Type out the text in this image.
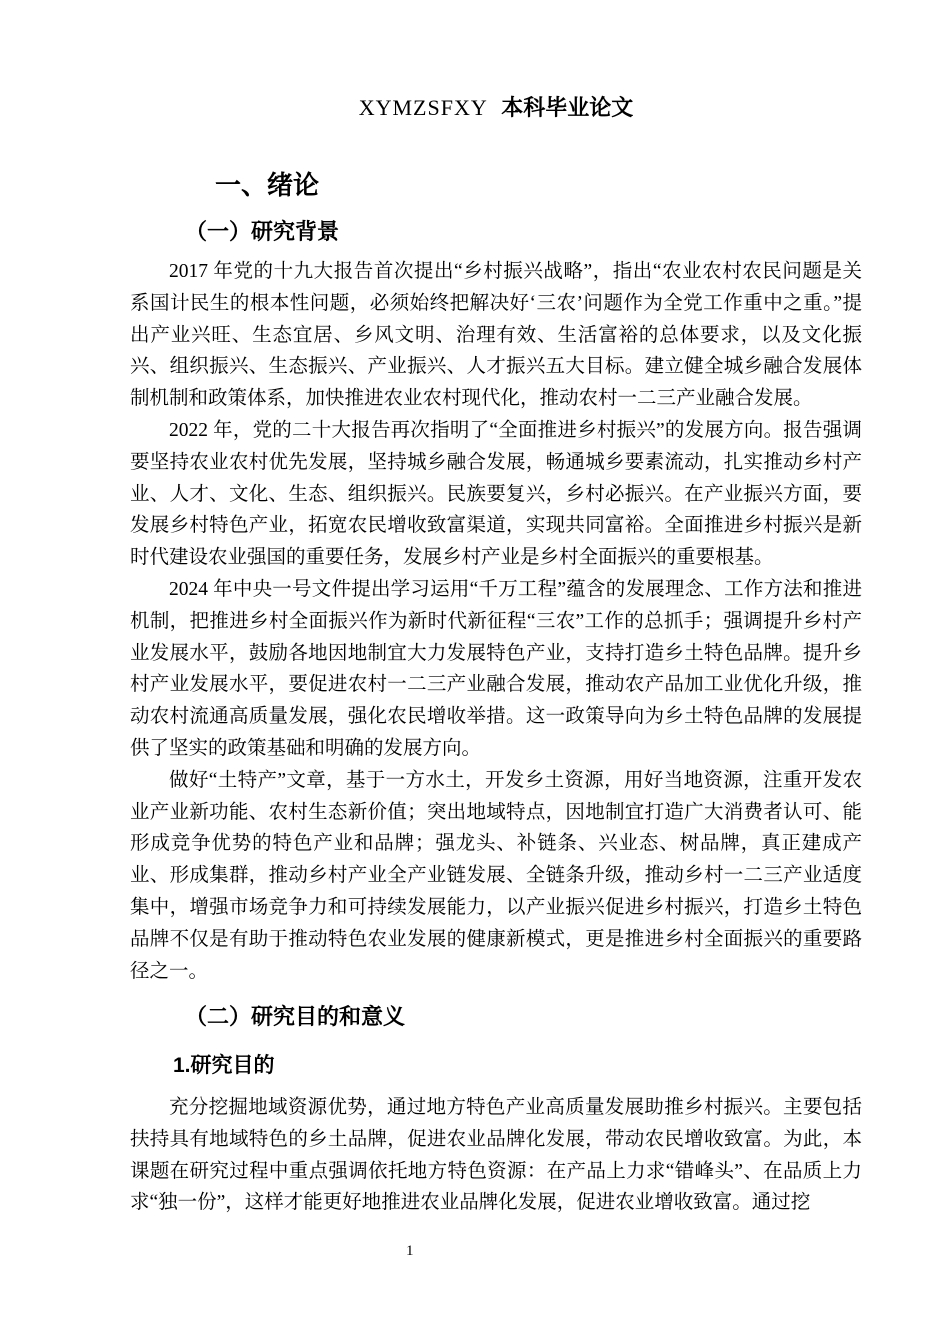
XYMZSFXY 本科毕业论文
一、绪论
（一）研究背景

2017 年党的十九大报告首次提出“乡村振兴战略”，指出“农业农村农民问题是关系国计民生的根本性问题，必须始终把解决好‘三农’问题作为全党工作重中之重。”提出产业兴旺、生态宜居、乡风文明、治理有效、生活富裕的总体要求，以及文化振兴、组织振兴、生态振兴、产业振兴、人才振兴五大目标。建立健全城乡融合发展体制机制和政策体系，加快推进农业农村现代化，推动农村一二三产业融合发展。

2022 年，党的二十大报告再次指明了“全面推进乡村振兴”的发展方向。报告强调要坚持农业农村优先发展，坚持城乡融合发展，畅通城乡要素流动，扎实推动乡村产业、人才、文化、生态、组织振兴。民族要复兴，乡村必振兴。在产业振兴方面，要发展乡村特色产业，拓宽农民增收致富渠道，实现共同富裕。全面推进乡村振兴是新时代建设农业强国的重要任务，发展乡村产业是乡村全面振兴的重要根基。

2024 年中央一号文件提出学习运用“千万工程”蕴含的发展理念、工作方法和推进机制，把推进乡村全面振兴作为新时代新征程“三农”工作的总抓手；强调提升乡村产业发展水平，鼓励各地因地制宜大力发展特色产业，支持打造乡土特色品牌。提升乡村产业发展水平，要促进农村一二三产业融合发展，推动农产品加工业优化升级，推动农村流通高质量发展，强化农民增收举措。这一政策导向为乡土特色品牌的发展提供了坚实的政策基础和明确的发展方向。

做好“土特产”文章，基于一方水土，开发乡土资源，用好当地资源，注重开发农业产业新功能、农村生态新价值；突出地域特点，因地制宜打造广大消费者认可、能形成竞争优势的特色产业和品牌；强龙头、补链条、兴业态、树品牌，真正建成产业、形成集群，推动乡村产业全产业链发展、全链条升级，推动乡村一二三产业适度集中，增强市场竞争力和可持续发展能力，以产业振兴促进乡村振兴，打造乡土特色品牌不仅是有助于推动特色农业发展的健康新模式，更是推进乡村全面振兴的重要路径之一。

（二）研究目的和意义
1.研究目的

充分挖掘地域资源优势，通过地方特色产业高质量发展助推乡村振兴。主要包括扶持具有地域特色的乡土品牌，促进农业品牌化发展，带动农民增收致富。为此，本课题在研究过程中重点强调依托地方特色资源：在产品上力求“错峰头”、在品质上力求“独一份”，这样才能更好地推进农业品牌化发展，促进农业增收致富。通过挖

1
